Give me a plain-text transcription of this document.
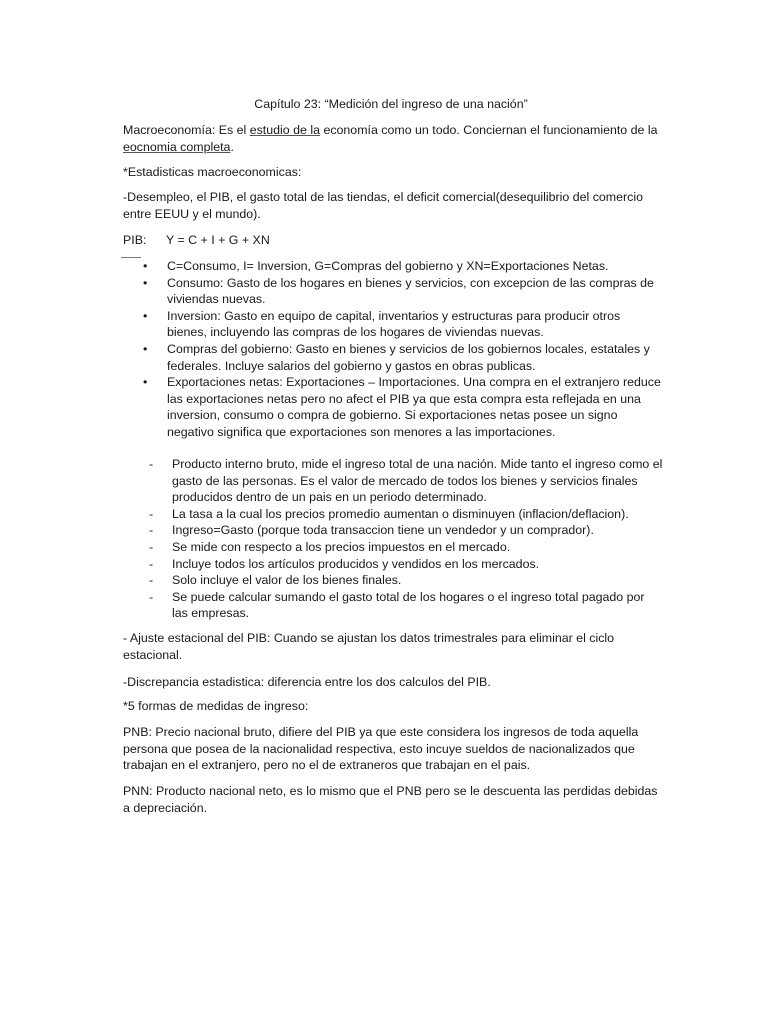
Capítulo 23: “Medición del ingreso de una nación”

Macroeconomía: Es el estudio de la economía como un todo. Conciernan el funcionamiento de la eocnomia completa.

*Estadisticas macroeconomicas:

-Desempleo, el PIB, el gasto total de las tiendas, el deficit comercial(desequilibrio del comercio entre EEUU y el mundo).

PIB: Y = C + I + G + XN
• C=Consumo, I= Inversion, G=Compras del gobierno y XN=Exportaciones Netas.
• Consumo: Gasto de los hogares en bienes y servicios, con excepcion de las compras de viviendas nuevas.
• Inversion: Gasto en equipo de capital, inventarios y estructuras para producir otros bienes, incluyendo las compras de los hogares de viviendas nuevas.
• Compras del gobierno: Gasto en bienes y servicios de los gobiernos locales, estatales y federales. Incluye salarios del gobierno y gastos en obras publicas.
• Exportaciones netas: Exportaciones – Importaciones. Una compra en el extranjero reduce las exportaciones netas pero no afect el PIB ya que esta compra esta reflejada en una inversion, consumo o compra de gobierno. Si exportaciones netas posee un signo negativo significa que exportaciones son menores a las importaciones.
- Producto interno bruto, mide el ingreso total de una nación. Mide tanto el ingreso como el gasto de las personas. Es el valor de mercado de todos los bienes y servicios finales producidos dentro de un pais en un periodo determinado.
- La tasa a la cual los precios promedio aumentan o disminuyen (inflacion/deflacion).
- Ingreso=Gasto (porque toda transaccion tiene un vendedor y un comprador).
- Se mide con respecto a los precios impuestos en el mercado.
- Incluye todos los artículos producidos y vendidos en los mercados.
- Solo incluye el valor de los bienes finales.
- Se puede calcular sumando el gasto total de los hogares o el ingreso total pagado por las empresas.

- Ajuste estacional del PIB: Cuando se ajustan los datos trimestrales para eliminar el ciclo estacional.

-Discrepancia estadistica: diferencia entre los dos calculos del PIB.

*5 formas de medidas de ingreso:

PNB: Precio nacional bruto, difiere del PIB ya que este considera los ingresos de toda aquella persona que posea de la nacionalidad respectiva, esto incuye sueldos de nacionalizados que trabajan en el extranjero, pero no el de extraneros que trabajan en el pais.

PNN: Producto nacional neto, es lo mismo que el PNB pero se le descuenta las perdidas debidas a depreciación.
